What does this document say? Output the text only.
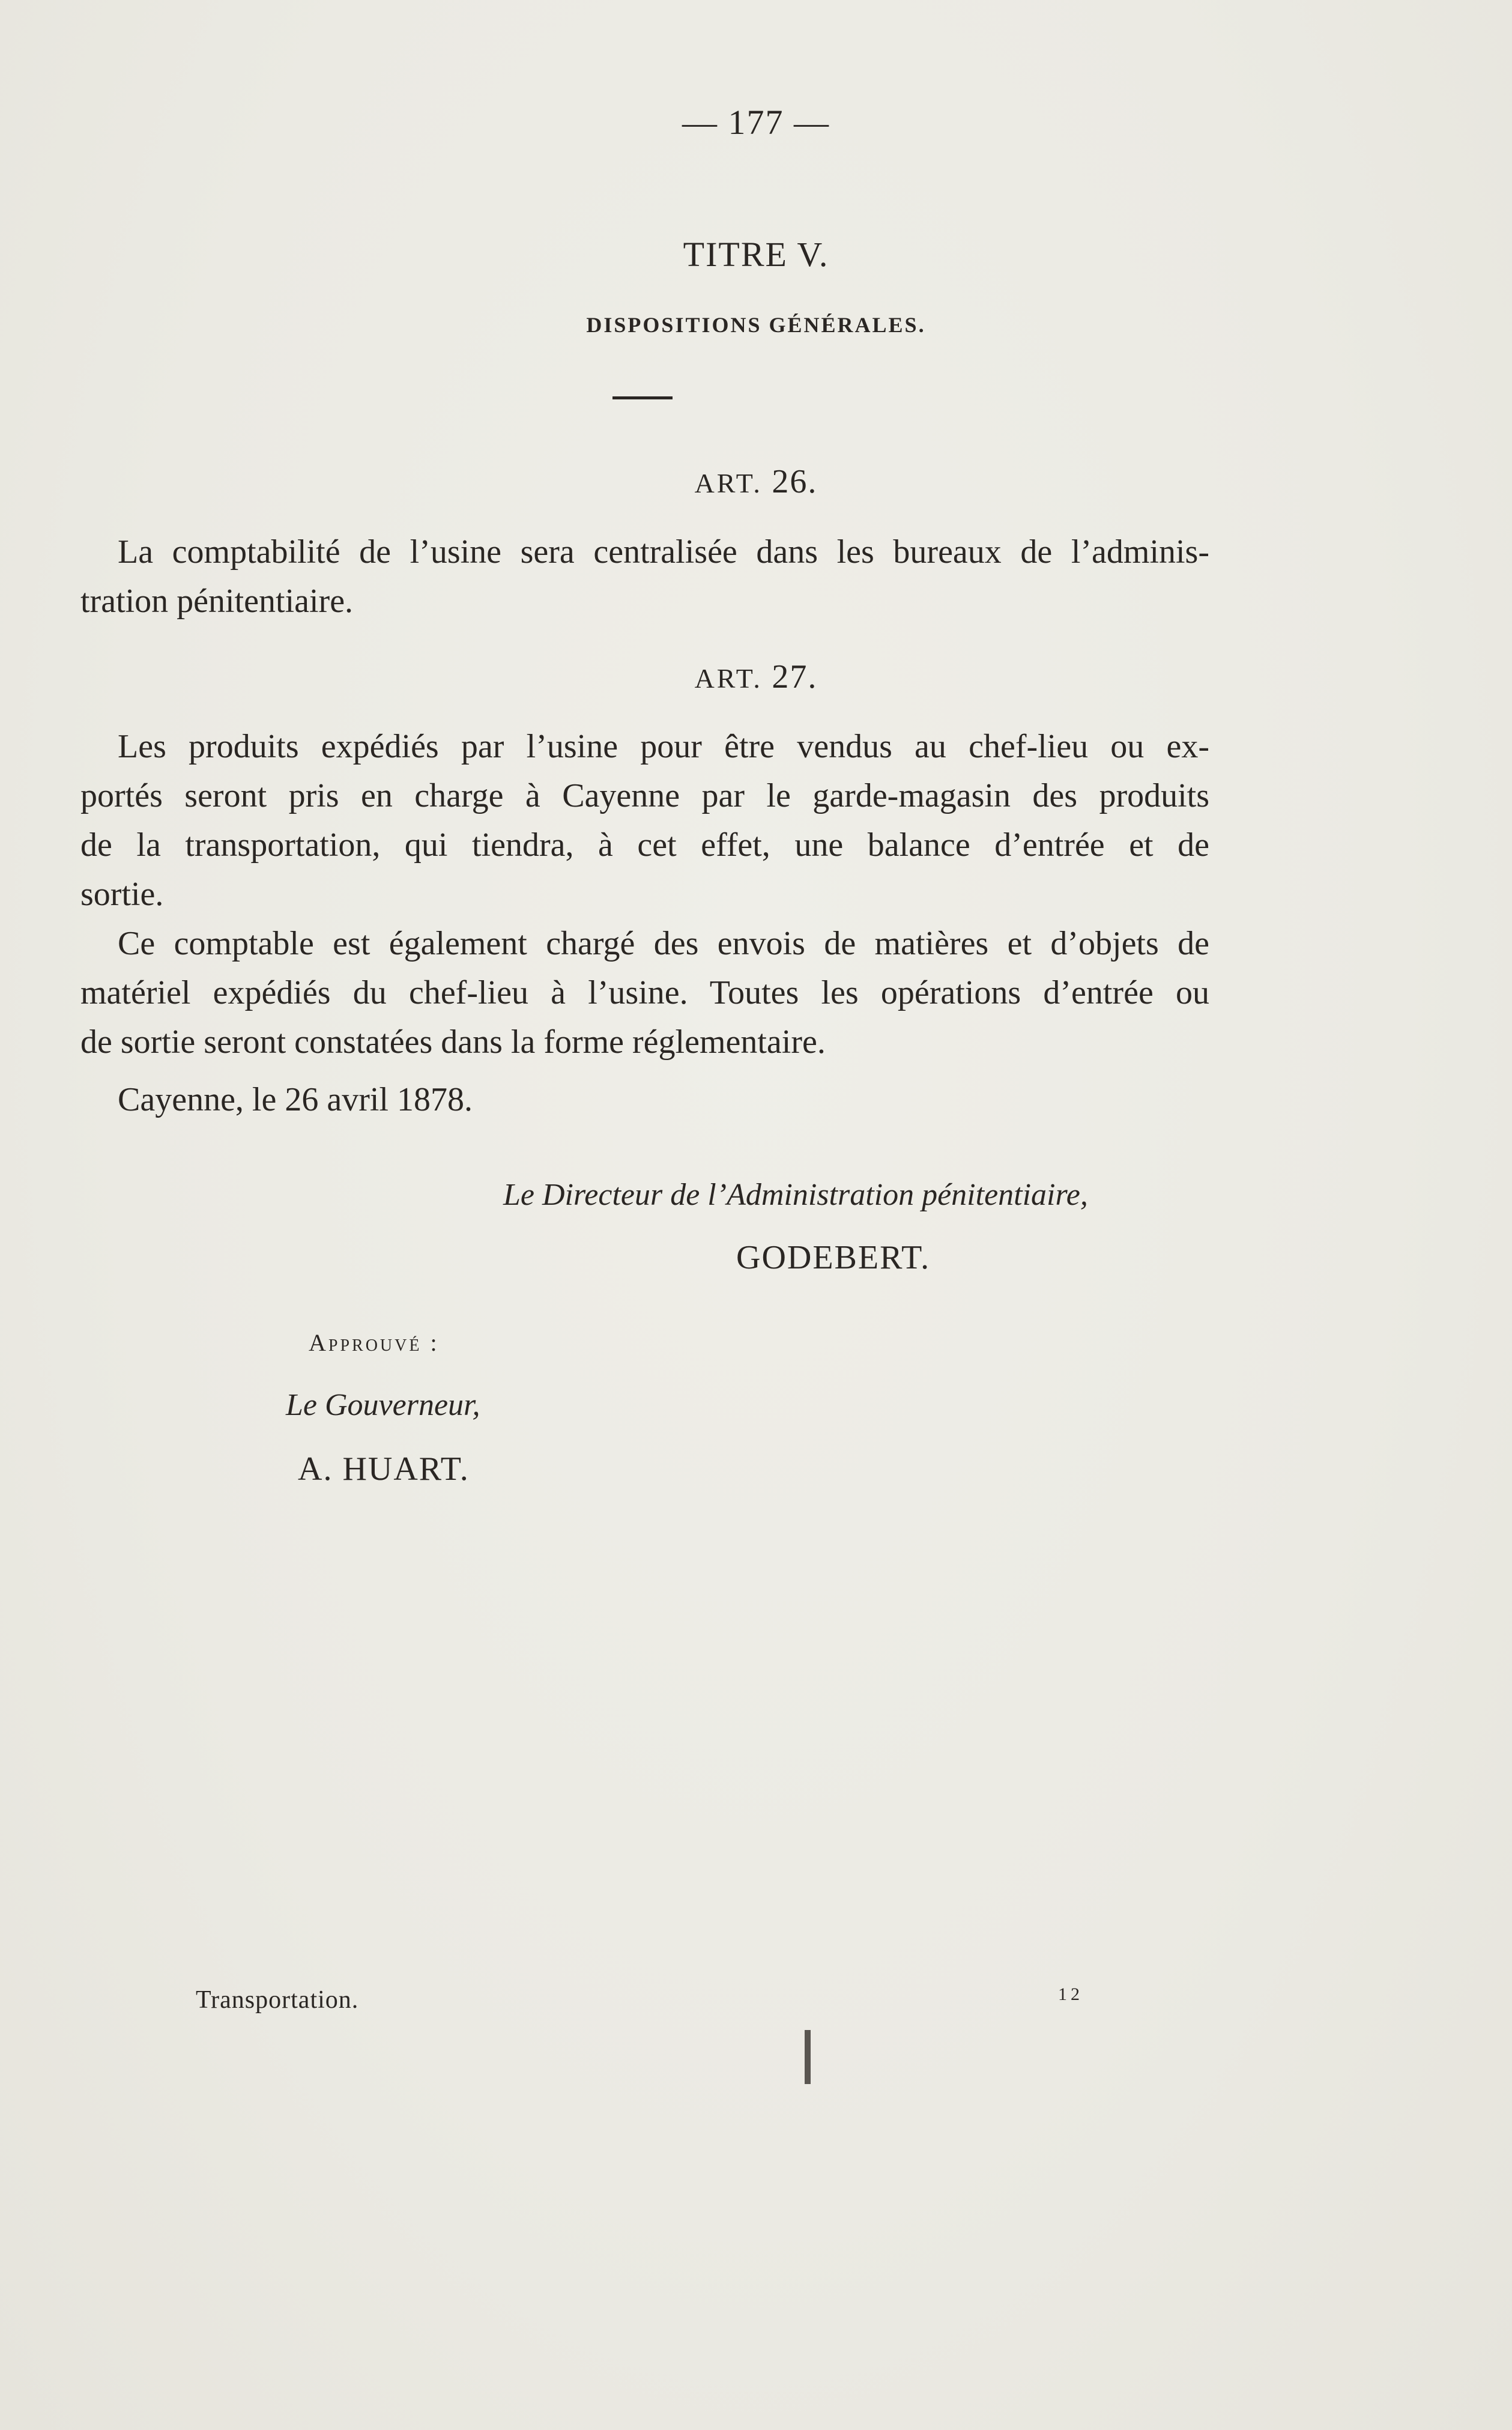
— 177 —
TITRE V.
DISPOSITIONS GÉNÉRALES.
ART. 26.
La comptabilité de l’usine sera centralisée dans les bureaux de l’adminis-
tration pénitentiaire.
ART. 27.
Les produits expédiés par l’usine pour être vendus au chef-lieu ou ex-
portés seront pris en charge à Cayenne par le garde-magasin des produits
de la transportation, qui tiendra, à cet effet, une balance d’entrée et de
sortie.
Ce comptable est également chargé des envois de matières et d’objets de
matériel expédiés du chef-lieu à l’usine. Toutes les opérations d’entrée ou
de sortie seront constatées dans la forme réglementaire.
Cayenne, le 26 avril 1878.
Le Directeur de l’Administration pénitentiaire,
GODEBERT.
Approuvé :
Le Gouverneur,
A. HUART.
Transportation.	12
